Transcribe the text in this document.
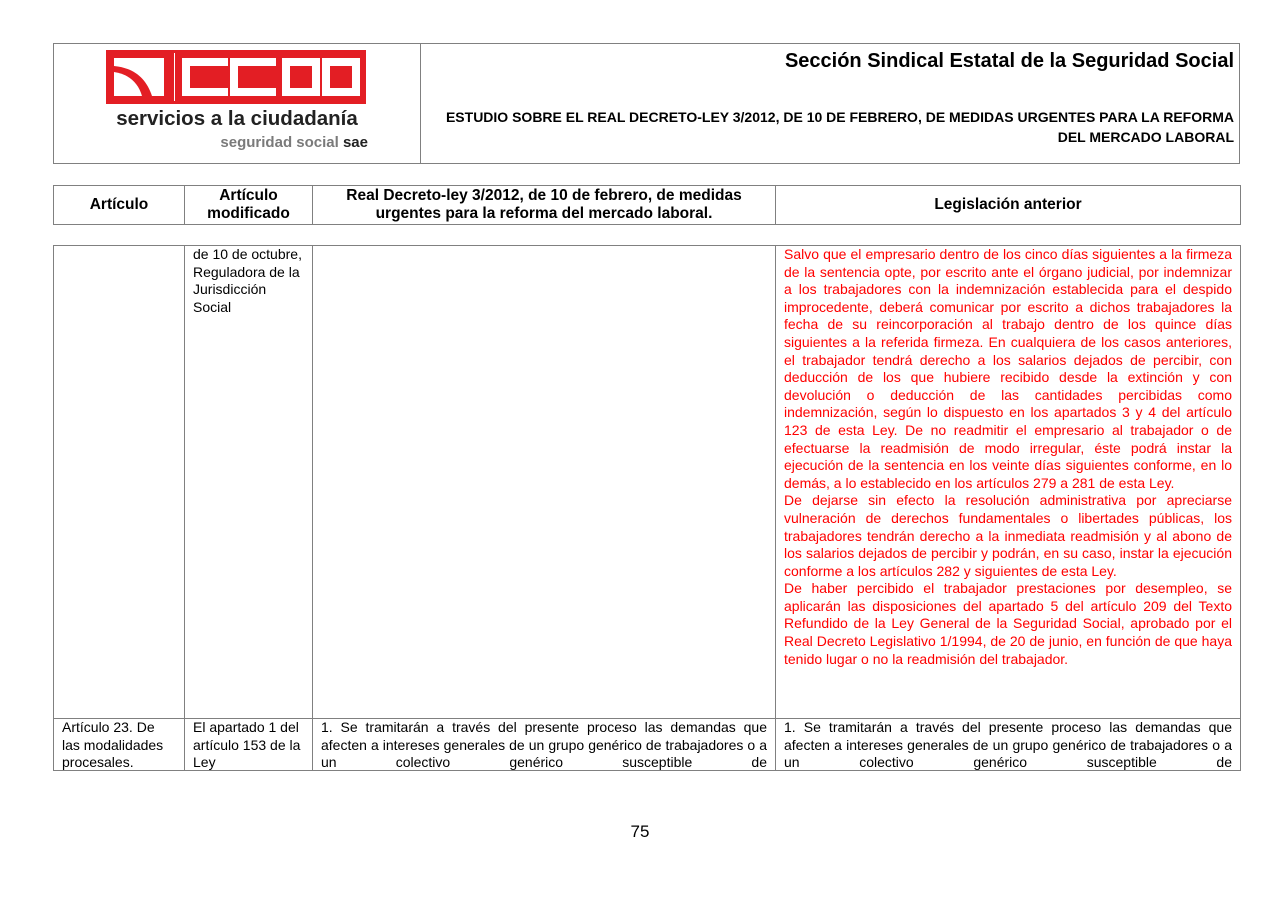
servicios a la ciudadanía
seguridad social sae
Sección Sindical Estatal de la Seguridad Social
ESTUDIO SOBRE EL REAL DECRETO-LEY 3/2012, DE 10 DE FEBRERO, DE MEDIDAS URGENTES PARA LA REFORMA DEL MERCADO LABORAL
Artículo	Artículo modificado	Real Decreto-ley 3/2012, de 10 de febrero, de medidas urgentes para la reforma del mercado laboral.	Legislación anterior
	de 10 de octubre, Reguladora de la Jurisdicción Social		Salvo que el empresario dentro de los cinco días siguientes a la firmeza de la sentencia opte, por escrito ante el órgano judicial, por indemnizar a los trabajadores con la indemnización establecida para el despido improcedente, deberá comunicar por escrito a dichos trabajadores la fecha de su reincorporación al trabajo dentro de los quince días siguientes a la referida firmeza. En cualquiera de los casos anteriores, el trabajador tendrá derecho a los salarios dejados de percibir, con deducción de los que hubiere recibido desde la extinción y con devolución o deducción de las cantidades percibidas como indemnización, según lo dispuesto en los apartados 3 y 4 del artículo 123 de esta Ley. De no readmitir el empresario al trabajador o de efectuarse la readmisión de modo irregular, éste podrá instar la ejecución de la sentencia en los veinte días siguientes conforme, en lo demás, a lo establecido en los artículos 279 a 281 de esta Ley.
De dejarse sin efecto la resolución administrativa por apreciarse vulneración de derechos fundamentales o libertades públicas, los trabajadores tendrán derecho a la inmediata readmisión y al abono de los salarios dejados de percibir y podrán, en su caso, instar la ejecución conforme a los artículos 282 y siguientes de esta Ley.
De haber percibido el trabajador prestaciones por desempleo, se aplicarán las disposiciones del apartado 5 del artículo 209 del Texto Refundido de la Ley General de la Seguridad Social, aprobado por el Real Decreto Legislativo 1/1994, de 20 de junio, en función de que haya tenido lugar o no la readmisión del trabajador.

Artículo 23. De las modalidades procesales.	El apartado 1 del artículo 153 de la Ley	1. Se tramitarán a través del presente proceso las demandas que afecten a intereses generales de un grupo genérico de trabajadores o a un colectivo genérico susceptible de	1. Se tramitarán a través del presente proceso las demandas que afecten a intereses generales de un grupo genérico de trabajadores o a un colectivo genérico susceptible de
75
